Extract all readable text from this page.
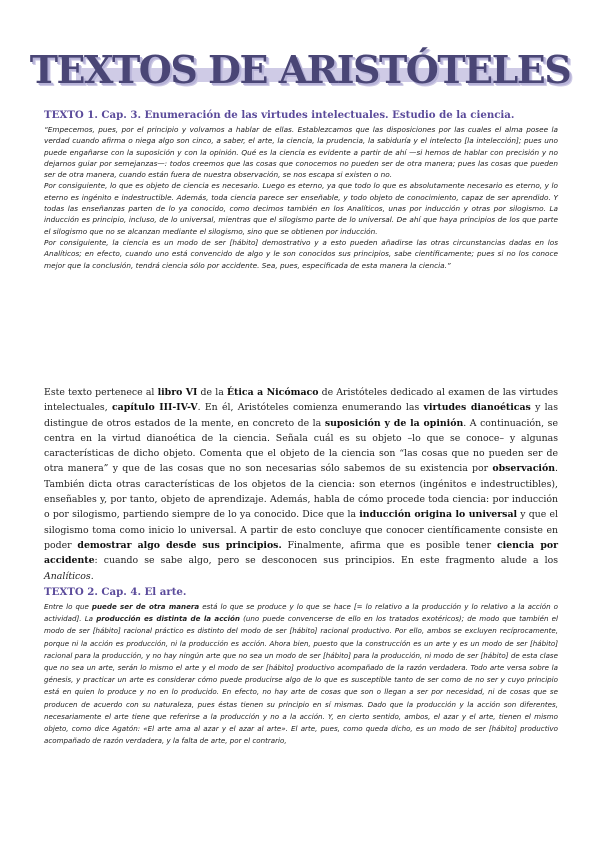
TEXTOS DE ARISTÓTELES
TEXTO 1. Cap. 3. Enumeración de las virtudes intelectuales. Estudio de la ciencia.

“Empecemos, pues, por el principio y volvamos a hablar de ellas. Establezcamos que las disposiciones por las cuales el alma posee la verdad cuando afirma o niega algo son cinco, a saber, el arte, la ciencia, la prudencia, la sabiduría y el intelecto [la intelección]; pues uno puede engañarse con la suposición y con la opinión. Qué es la ciencia es evidente a partir de ahí —si hemos de hablar con precisión y no dejarnos guiar por semejanzas—: todos creemos que las cosas que conocemos no pueden ser de otra manera; pues las cosas que pueden ser de otra manera, cuando están fuera de nuestra observación, se nos escapa si existen o no.

Por consiguiente, lo que es objeto de ciencia es necesario. Luego es eterno, ya que todo lo que es absolutamente necesario es eterno, y lo eterno es ingénito e indestructible. Además, toda ciencia parece ser enseñable, y todo objeto de conocimiento, capaz de ser aprendido. Y todas las enseñanzas parten de lo ya conocido, como decimos también en los Analíticos, unas por inducción y otras por silogismo. La inducción es principio, incluso, de lo universal, mientras que el silogismo parte de lo universal. De ahí que haya principios de los que parte el silogismo que no se alcanzan mediante el silogismo, sino que se obtienen por inducción.

Por consiguiente, la ciencia es un modo de ser [hábito] demostrativo y a esto pueden añadirse las otras circunstancias dadas en los Analíticos; en efecto, cuando uno está convencido de algo y le son conocidos sus principios, sabe científicamente; pues si no los conoce mejor que la conclusión, tendrá ciencia sólo por accidente. Sea, pues, especificada de esta manera la ciencia.”

Este texto pertenece al libro VI de la Ética a Nicómaco de Aristóteles dedicado al examen de las virtudes intelectuales, capítulo III-IV-V. En él, Aristóteles comienza enumerando las virtudes dianoéticas y las distingue de otros estados de la mente, en concreto de la suposición y de la opinión. A continuación, se centra en la virtud dianoética de la ciencia. Señala cuál es su objeto –lo que se conoce– y algunas características de dicho objeto. Comenta que el objeto de la ciencia son “las cosas que no pueden ser de otra manera” y que de las cosas que no son necesarias sólo sabemos de su existencia por observación. También dicta otras características de los objetos de la ciencia: son eternos (ingénitos e indestructibles), enseñables y, por tanto, objeto de aprendizaje. Además, habla de cómo procede toda ciencia: por inducción o por silogismo, partiendo siempre de lo ya conocido. Dice que la inducción origina lo universal y que el silogismo toma como inicio lo universal. A partir de esto concluye que conocer científicamente consiste en poder demostrar algo desde sus principios. Finalmente, afirma que es posible tener ciencia por accidente: cuando se sabe algo, pero se desconocen sus principios. En este fragmento alude a los Analíticos.

TEXTO 2. Cap. 4. El arte.

Entre lo que puede ser de otra manera está lo que se produce y lo que se hace [= lo relativo a la producción y lo relativo a la acción o actividad]. La producción es distinta de la acción (uno puede convencerse de ello en los tratados exotéricos); de modo que también el modo de ser [hábito] racional práctico es distinto del modo de ser [hábito] racional productivo. Por ello, ambos se excluyen recíprocamente, porque ni la acción es producción, ni la producción es acción. Ahora bien, puesto que la construcción es un arte y es un modo de ser [hábito] racional para la producción, y no hay ningún arte que no sea un modo de ser [hábito] para la producción, ni modo de ser [hábito] de esta clase que no sea un arte, serán lo mismo el arte y el modo de ser [hábito] productivo acompañado de la razón verdadera. Todo arte versa sobre la génesis, y practicar un arte es considerar cómo puede producirse algo de lo que es susceptible tanto de ser como de no ser y cuyo principio está en quien lo produce y no en lo producido. En efecto, no hay arte de cosas que son o llegan a ser por necesidad, ni de cosas que se producen de acuerdo con su naturaleza, pues éstas tienen su principio en sí mismas. Dado que la producción y la acción son diferentes, necesariamente el arte tiene que referirse a la producción y no a la acción. Y, en cierto sentido, ambos, el azar y el arte, tienen el mismo objeto, como dice Agatón: «El arte ama al azar y el azar al arte». El arte, pues, como queda dicho, es un modo de ser [hábito] productivo acompañado de razón verdadera, y la falta de arte, por el contrario,
